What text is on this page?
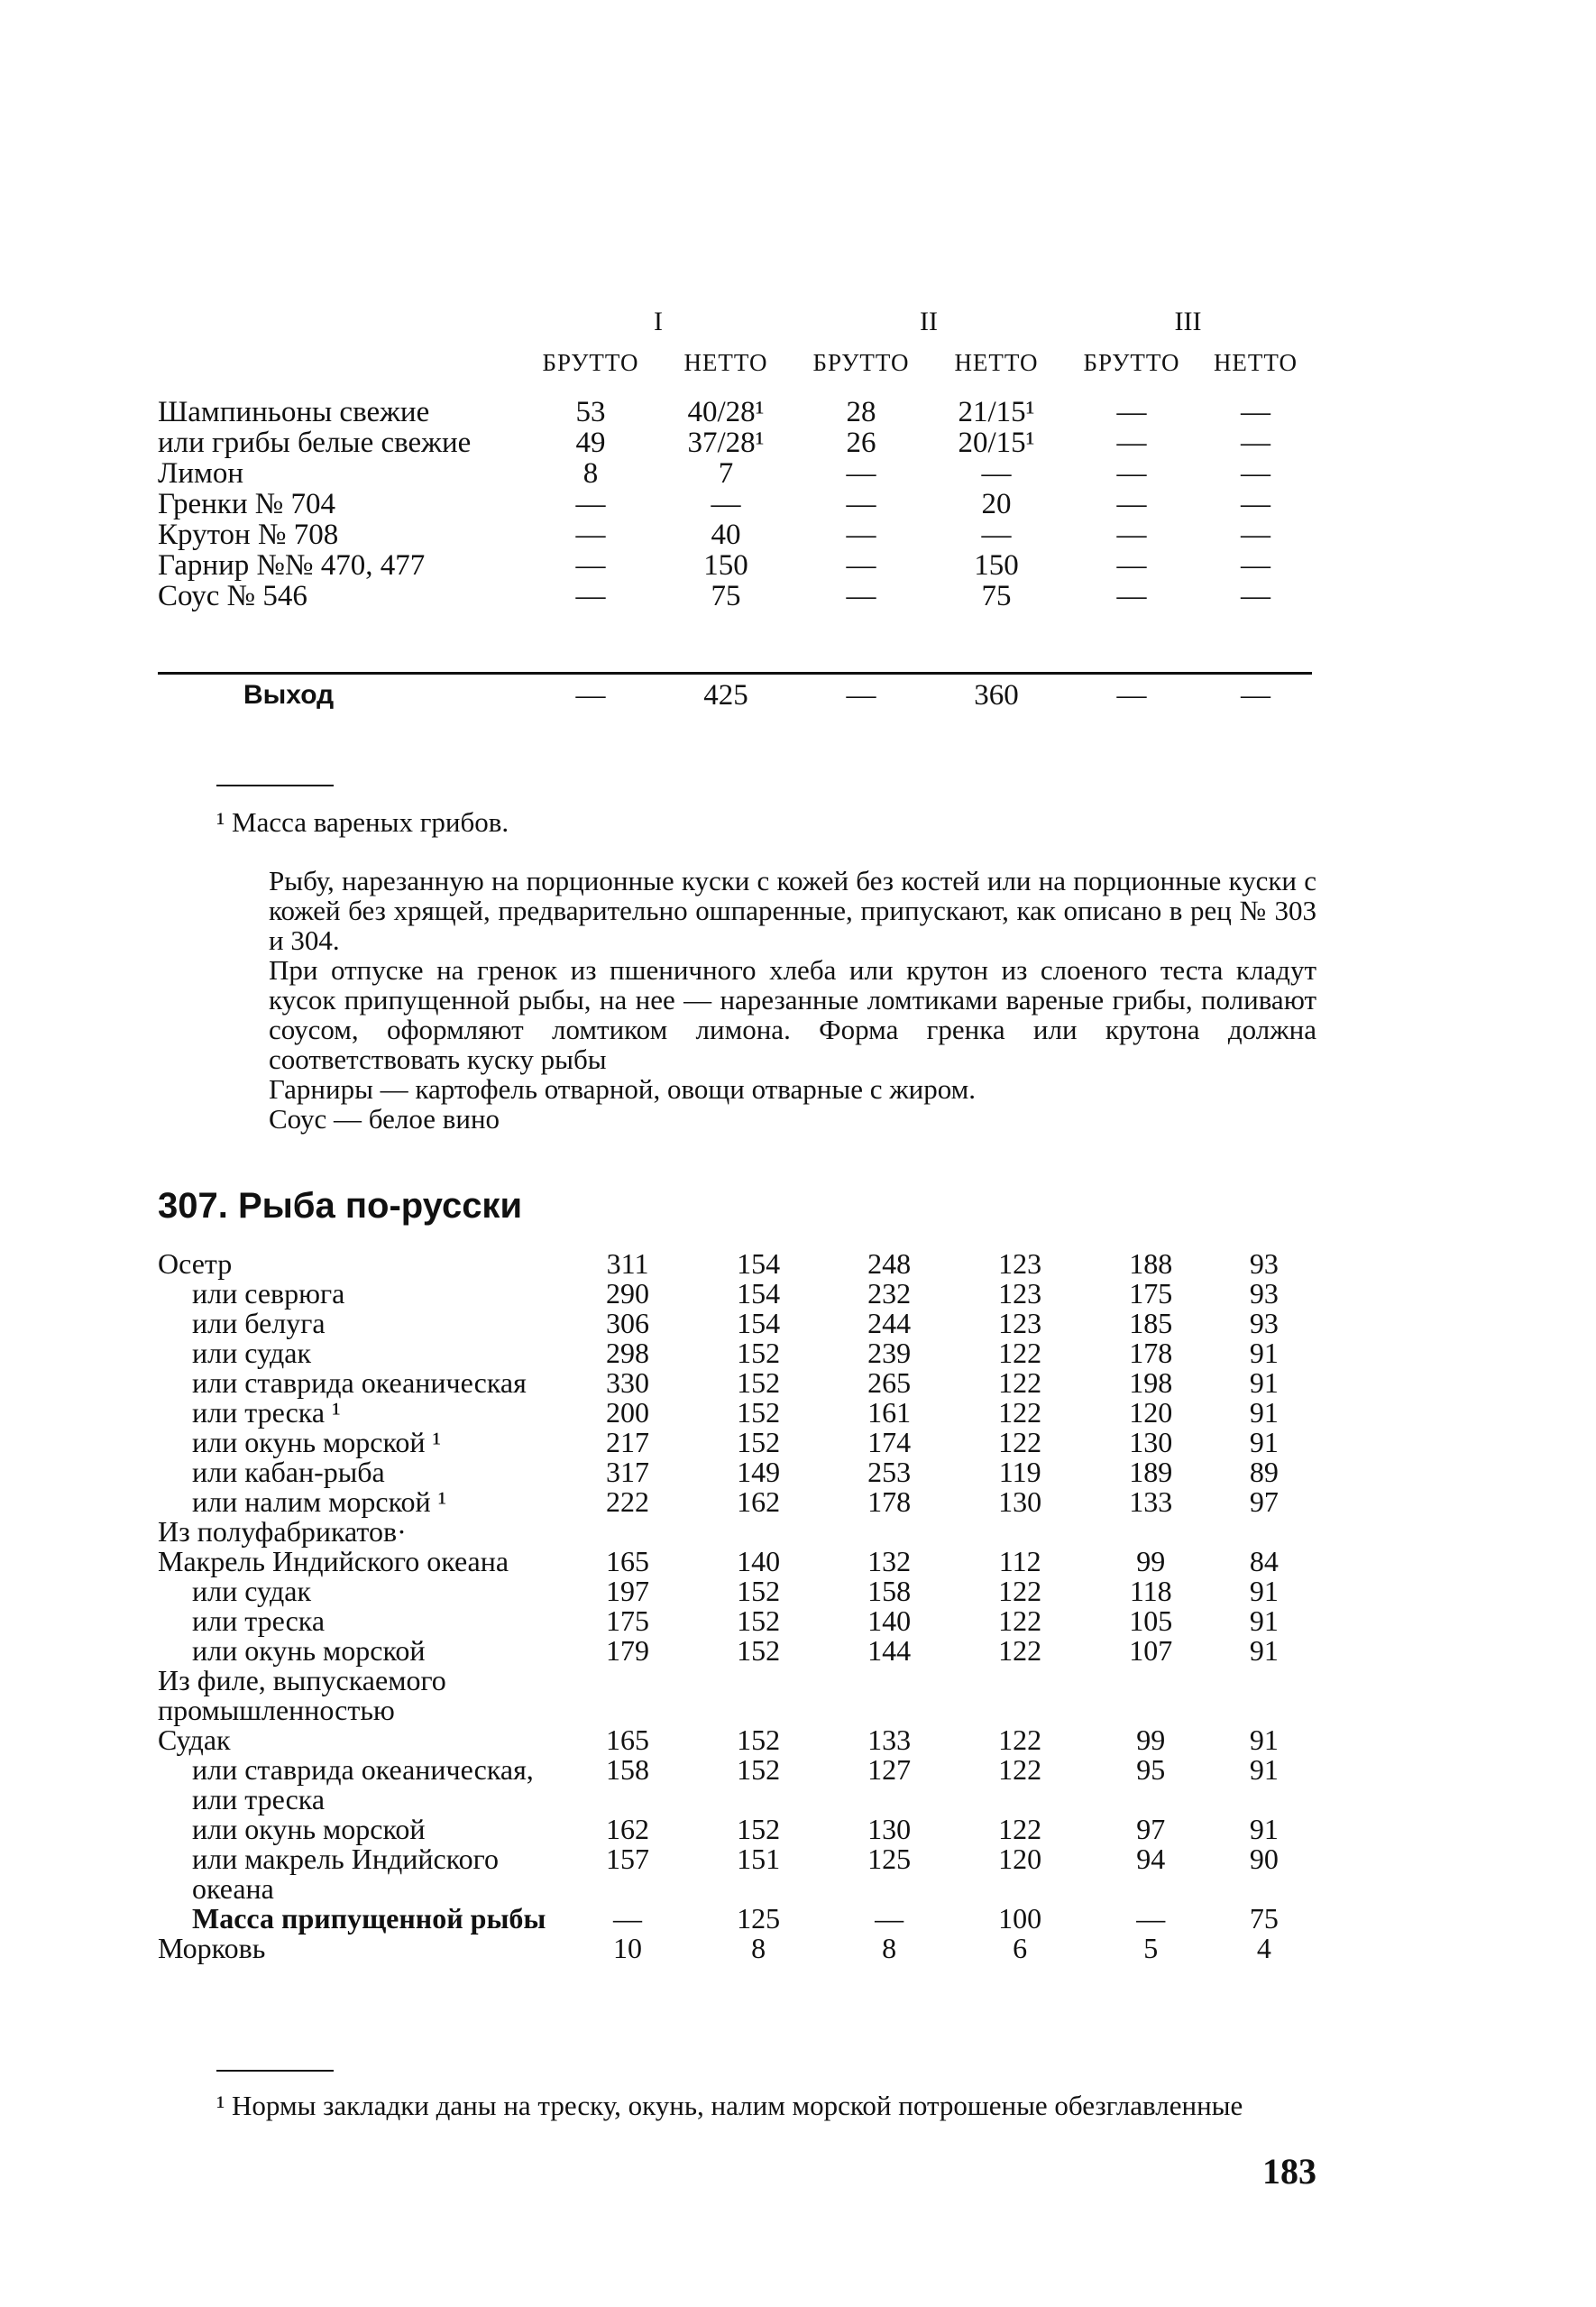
	I		II		III	
	БРУТТО	НЕТТО	БРУТТО	НЕТТО	БРУТТО	НЕТТО
Шампиньоны свежие	53	40/28¹	28	21/15¹	—	—
или грибы белые свежие	49	37/28¹	26	20/15¹	—	—
Лимон	8	7	—	—	—	—
Гренки № 704	—	—	—	20	—	—
Крутон № 708	—	40	—	—	—	—
Гарнир №№ 470, 477	—	150	—	150	—	—
Соус № 546	—	75	—	75	—	—
Выход	—	425	—	360	—	—
¹ Масса вареных грибов.

Рыбу, нарезанную на порционные куски с кожей без костей или на порционные куски с кожей без хрящей, предварительно ошпаренные, припускают, как описано в рец № 303 и 304.

При отпуске на гренок из пшеничного хлеба или крутон из слоеного теста кладут кусок припущенной рыбы, на нее — нарезанные ломтиками вареные грибы, поливают соусом, оформляют ломтиком лимона. Форма гренка или крутона должна соответствовать куску рыбы

Гарниры — картофель отварной, овощи отварные с жиром.

Соус — белое вино

307. Рыба по-русски
Осетр	311	154	248	123	188	93
или севрюга	290	154	232	123	175	93
или белуга	306	154	244	123	185	93
или судак	298	152	239	122	178	91
или ставрида океаническая	330	152	265	122	198	91
или треска ¹	200	152	161	122	120	91
или окунь морской ¹	217	152	174	122	130	91
или кабан-рыба	317	149	253	119	189	89
или налим морской ¹	222	162	178	130	133	97
Из полуфабрикатов·						
Макрель Индийского океана	165	140	132	112	99	84
или судак	197	152	158	122	118	91
или треска	175	152	140	122	105	91
или окунь морской	179	152	144	122	107	91
Из филе, выпускаемого промышленностью						
Судак	165	152	133	122	99	91
или ставрида океаническая, или треска	158	152	127	122	95	91
или окунь морской	162	152	130	122	97	91
или макрель Индийского океана	157	151	125	120	94	90
Масса припущенной рыбы	—	125	—	100	—	75
Морковь	10	8	8	6	5	4
¹ Нормы закладки даны на треску, окунь, налим морской потрошеные обезглавленные
183
